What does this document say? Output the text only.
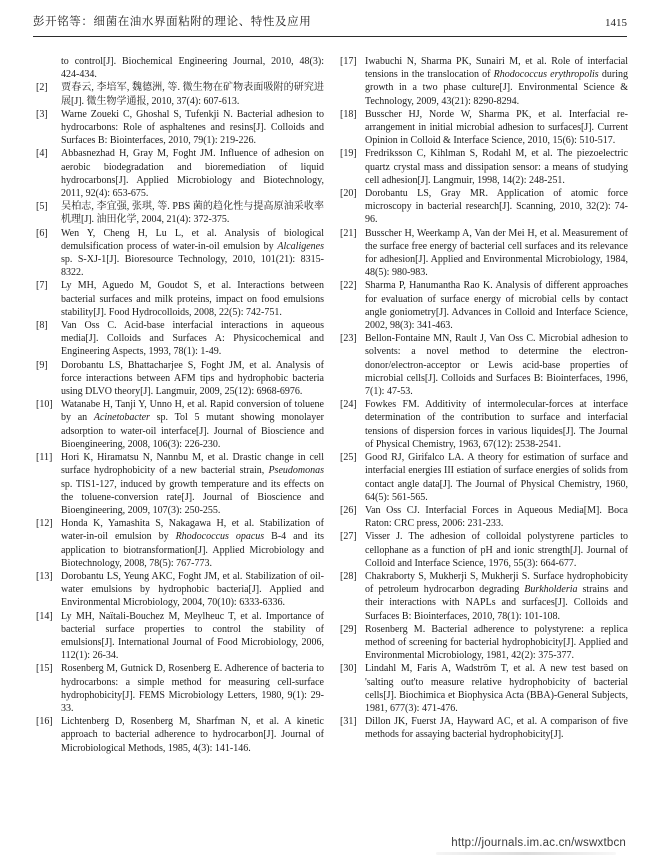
彭开铭等：细菌在油水界面粘附的理论、特性及应用	1415
to control[J]. Biochemical Engineering Journal, 2010, 48(3): 424-434.
[2] 贾春云, 李培军, 魏德洲, 等. 微生物在矿物表面吸附的研究进展[J]. 微生物学通报, 2010, 37(4): 607-613.
[3] Warne Zoueki C, Ghoshal S, Tufenkji N. Bacterial adhesion to hydrocarbons: Role of asphaltenes and resins[J]. Colloids and Surfaces B: Biointerfaces, 2010, 79(1): 219-226.
[4] Abbasnezhad H, Gray M, Foght JM. Influence of adhesion on aerobic biodegradation and bioremediation of liquid hydrocarbons[J]. Applied Microbiology and Biotechnology, 2011, 92(4): 653-675.
[5] 吴柏志, 李宜强, 张琪, 等. PBS 菌的趋化性与提高原油采收率机理[J]. 油田化学, 2004, 21(4): 372-375.
[6] Wen Y, Cheng H, Lu L, et al. Analysis of biological demulsification process of water-in-oil emulsion by Alcaligenes sp. S-XJ-1[J]. Bioresource Technology, 2010, 101(21): 8315-8322.
[7] Ly MH, Aguedo M, Goudot S, et al. Interactions between bacterial surfaces and milk proteins, impact on food emulsions stability[J]. Food Hydrocolloids, 2008, 22(5): 742-751.
[8] Van Oss C. Acid-base interfacial interactions in aqueous media[J]. Colloids and Surfaces A: Physicochemical and Engineering Aspects, 1993, 78(1): 1-49.
[9] Dorobantu LS, Bhattacharjee S, Foght JM, et al. Analysis of force interactions between AFM tips and hydrophobic bacteria using DLVO theory[J]. Langmuir, 2009, 25(12): 6968-6976.
[10] Watanabe H, Tanji Y, Unno H, et al. Rapid conversion of toluene by an Acinetobacter sp. Tol 5 mutant showing monolayer adsorption to water-oil interface[J]. Journal of Bioscience and Bioengineering, 2008, 106(3): 226-230.
[11] Hori K, Hiramatsu N, Nannbu M, et al. Drastic change in cell surface hydrophobicity of a new bacterial strain, Pseudomonas sp. TIS1-127, induced by growth temperature and its effects on the toluene-conversion rate[J]. Journal of Bioscience and Bioengineering, 2009, 107(3): 250-255.
[12] Honda K, Yamashita S, Nakagawa H, et al. Stabilization of water-in-oil emulsion by Rhodococcus opacus B-4 and its application to biotransformation[J]. Applied Microbiology and Biotechnology, 2008, 78(5): 767-773.
[13] Dorobantu LS, Yeung AKC, Foght JM, et al. Stabilization of oil-water emulsions by hydrophobic bacteria[J]. Applied and Environmental Microbiology, 2004, 70(10): 6333-6336.
[14] Ly MH, Naïtali-Bouchez M, Meylheuc T, et al. Importance of bacterial surface properties to control the stability of emulsions[J]. International Journal of Food Microbiology, 2006, 112(1): 26-34.
[15] Rosenberg M, Gutnick D, Rosenberg E. Adherence of bacteria to hydrocarbons: a simple method for measuring cell-surface hydrophobicity[J]. FEMS Microbiology Letters, 1980, 9(1): 29-33.
[16] Lichtenberg D, Rosenberg M, Sharfman N, et al. A kinetic approach to bacterial adherence to hydrocarbon[J]. Journal of Microbiological Methods, 1985, 4(3): 141-146.
[17] Iwabuchi N, Sharma PK, Sunairi M, et al. Role of interfacial tensions in the translocation of Rhodococcus erythropolis during growth in a two phase culture[J]. Environmental Science & Technology, 2009, 43(21): 8290-8294.
[18] Busscher HJ, Norde W, Sharma PK, et al. Interfacial re-arrangement in initial microbial adhesion to surfaces[J]. Current Opinion in Colloid & Interface Science, 2010, 15(6): 510-517.
[19] Fredriksson C, Kihlman S, Rodahl M, et al. The piezoelectric quartz crystal mass and dissipation sensor: a means of studying cell adhesion[J]. Langmuir, 1998, 14(2): 248-251.
[20] Dorobantu LS, Gray MR. Application of atomic force microscopy in bacterial research[J]. Scanning, 2010, 32(2): 74-96.
[21] Busscher H, Weerkamp A, Van der Mei H, et al. Measurement of the surface free energy of bacterial cell surfaces and its relevance for adhesion[J]. Applied and Environmental Microbiology, 1984, 48(5): 980-983.
[22] Sharma P, Hanumantha Rao K. Analysis of different approaches for evaluation of surface energy of microbial cells by contact angle goniometry[J]. Advances in Colloid and Interface Science, 2002, 98(3): 341-463.
[23] Bellon-Fontaine MN, Rault J, Van Oss C. Microbial adhesion to solvents: a novel method to determine the electron-donor/electron-acceptor or Lewis acid-base properties of microbial cells[J]. Colloids and Surfaces B: Biointerfaces, 1996, 7(1): 47-53.
[24] Fowkes FM. Additivity of intermolecular-forces at interface determination of the contribution to surface and interfacial tensions of dispersion forces in various liquides[J]. The Journal of Physical Chemistry, 1963, 67(12): 2538-2541.
[25] Good RJ, Girifalco LA. A theory for estimation of surface and interfacial energies III estiation of surface energies of solids from contact angle data[J]. The Journal of Physical Chemistry, 1960, 64(5): 561-565.
[26] Van Oss CJ. Interfacial Forces in Aqueous Media[M]. Boca Raton: CRC press, 2006: 231-233.
[27] Visser J. The adhesion of colloidal polystyrene particles to cellophane as a function of pH and ionic strength[J]. Journal of Colloid and Interface Science, 1976, 55(3): 664-677.
[28] Chakraborty S, Mukherji S, Mukherji S. Surface hydrophobicity of petroleum hydrocarbon degrading Burkholderia strains and their interactions with NAPLs and surfaces[J]. Colloids and Surfaces B: Biointerfaces, 2010, 78(1): 101-108.
[29] Rosenberg M. Bacterial adherence to polystyrene: a replica method of screening for bacterial hydrophobicity[J]. Applied and Environmental Microbiology, 1981, 42(2): 375-377.
[30] Lindahl M, Faris A, Wadström T, et al. A new test based on 'salting out'to measure relative hydrophobicity of bacterial cells[J]. Biochimica et Biophysica Acta (BBA)-General Subjects, 1981, 677(3): 471-476.
[31] Dillon JK, Fuerst JA, Hayward AC, et al. A comparison of five methods for assaying bacterial hydrophobicity[J].
http://journals.im.ac.cn/wswxtbcn
